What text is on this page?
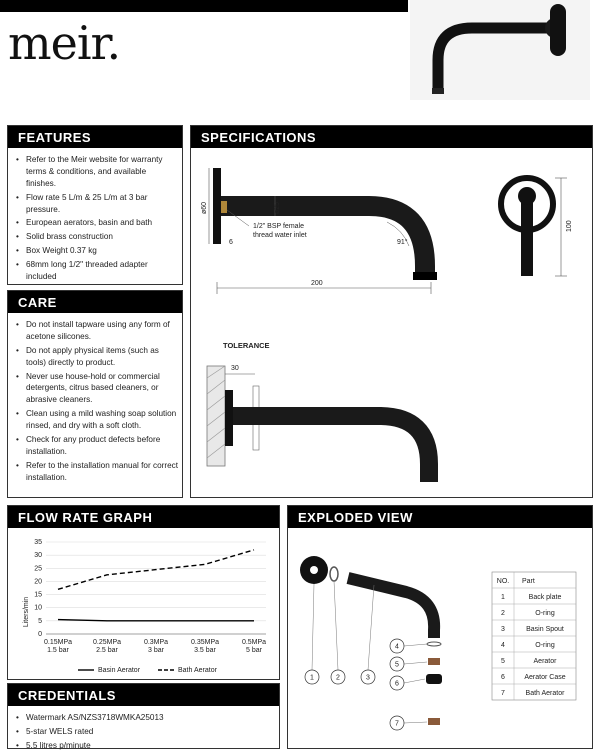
meir.
FEATURES
• Refer to the Meir website for warranty terms & conditions, and available finishes.
• Flow rate 5 L/m & 25 L/m at 3 bar pressure.
• European aerators, basin and bath
• Solid brass construction
• Box Weight 0.37 kg
• 68mm long 1/2" threaded adapter included
CARE
• Do not install tapware using any form of acetone silicones.
• Do not apply physical items (such as tools) directly to product.
• Never use house-hold or commercial detergents, citrus based cleaners, or abrasive cleaners.
• Clean using a mild washing soap solution rinsed, and dry with a soft cloth.
• Check for any product defects before installation.
• Refer to the installation manual for correct installation.
SPECIFICATIONS
ø60	ø25
6
1/2" BSP female
thread water inlet
91°
200
100
TOLERANCE
30
FLOW RATE GRAPH
Liters/min
0
5
10
15
20
25
30
35
0.15MPa 1.5 bar
0.25MPa 2.5 bar
0.3MPa 3 bar
0.35MPa 3.5 bar
0.5MPa 5 bar
Basin Aerator	Bath Aerator
CREDENTIALS
• Watermark AS/NZS3718WMKA25013
• 5-star WELS rated
• 5.5 litres p/minute
EXPLODED VIEW
1	2	3
4
5
6
7
NO. Part
1	Back plate
2	O-ring
3	Basin Spout
4	O-ring
5	Aerator
6	Aerator Case
7	Bath Aerator
